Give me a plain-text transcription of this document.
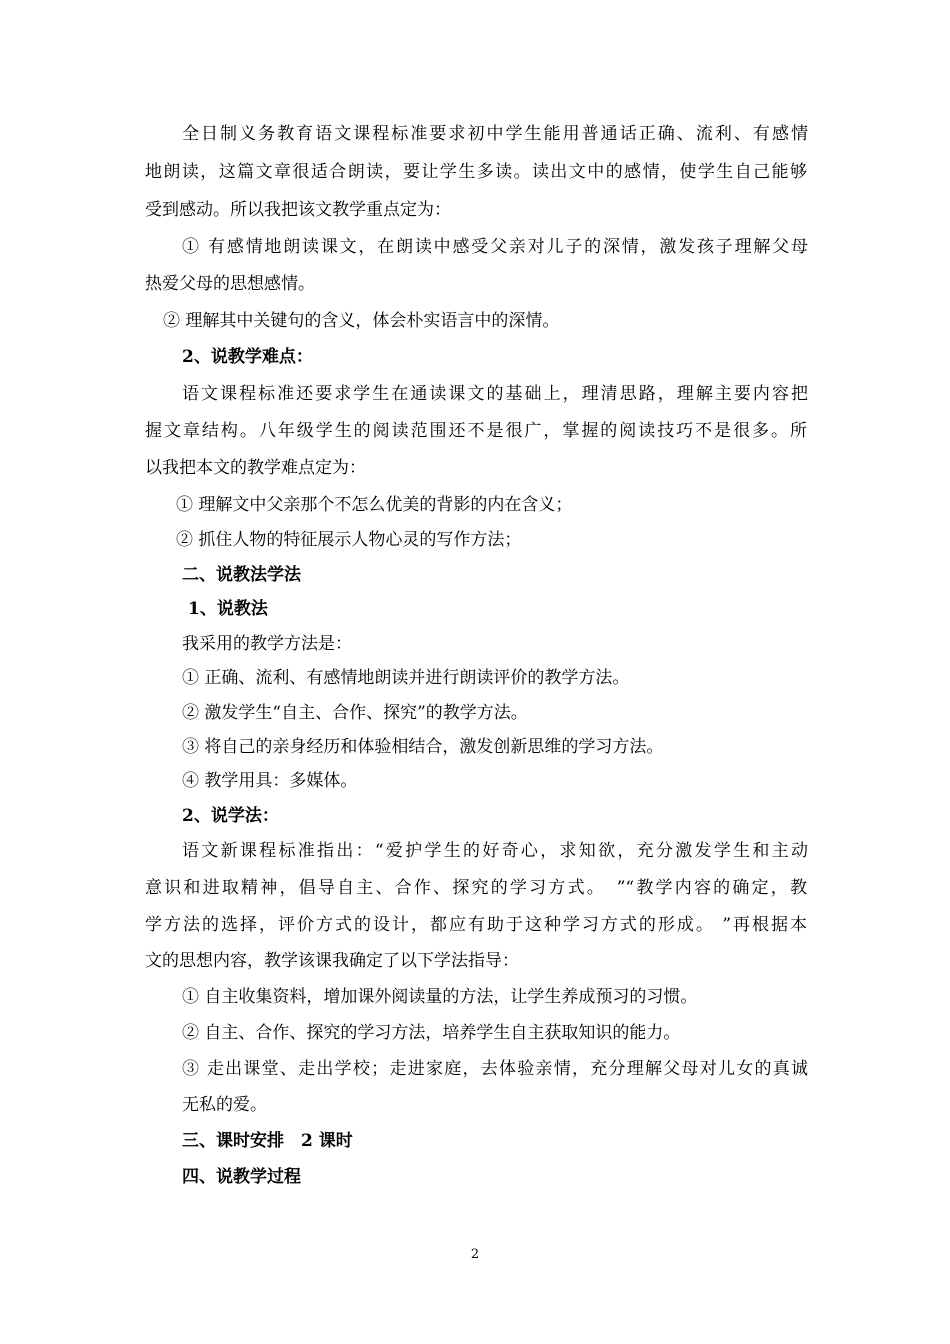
全日制义务教育语文课程标准要求初中学生能用普通话正确、流利、有感情
地朗读，这篇文章很适合朗读，要让学生多读。读出文中的感情，使学生自己能够
受到感动。所以我把该文教学重点定为：
① 有感情地朗读课文，在朗读中感受父亲对儿子的深情，激发孩子理解父母
热爱父母的思想感情。
② 理解其中关键句的含义，体会朴实语言中的深情。
2、说教学难点：
语文课程标准还要求学生在通读课文的基础上，理清思路，理解主要内容把
握文章结构。八年级学生的阅读范围还不是很广，掌握的阅读技巧不是很多。所
以我把本文的教学难点定为：
① 理解文中父亲那个不怎么优美的背影的内在含义；
② 抓住人物的特征展示人物心灵的写作方法；
二、说教法学法
1、说教法
我采用的教学方法是：
① 正确、流利、有感情地朗读并进行朗读评价的教学方法。
② 激发学生“自主、合作、探究”的教学方法。
③ 将自己的亲身经历和体验相结合，激发创新思维的学习方法。
④ 教学用具：多媒体。
2、说学法：
语文新课程标准指出：“爱护学生的好奇心，求知欲，充分激发学生和主动
意识和进取精神，倡导自主、合作、探究的学习方式。　”“教学内容的确定，教
学方法的选择，评价方式的设计，都应有助于这种学习方式的形成。 ”再根据本
文的思想内容，教学该课我确定了以下学法指导：
① 自主收集资料，增加课外阅读量的方法，让学生养成预习的习惯。
② 自主、合作、探究的学习方法，培养学生自主获取知识的能力。
③ 走出课堂、走出学校；走进家庭，去体验亲情，充分理解父母对儿女的真诚
无私的爱。
三、课时安排　2 课时
四、说教学过程
2
